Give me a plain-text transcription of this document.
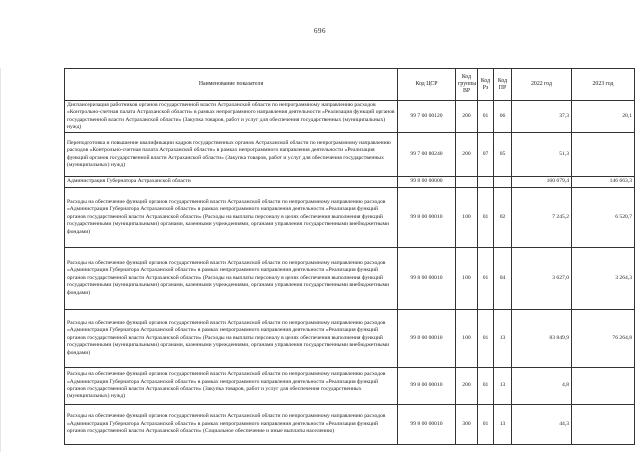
696
Наименование показателя	Код ЦСР	Код группы ВР	Код Рз	Код ПР	2022 год	2023 год
Диспансеризация работников органов государственной власти Астраханской области по непрограммному направлению расходов «Контрольно-счетная палата Астраханской области» в рамках непрограммного направления деятельности «Реализация функций органов государственной власти Астраханской области» (Закупка товаров, работ и услуг для обеспечения государственных (муниципальных) нужд)	99 7 00 00120	200	01	06	37,3	20,1
Переподготовка и повышение квалификации кадров государственных органов Астраханской области по непрограммному направлению расходов «Контрольно-счетная палата Астраханской области» в рамках непрограммного направления деятельности «Реализация функций органов государственной власти Астраханской области» (Закупка товаров, работ и услуг для обеспечения государственных (муниципальных) нужд)	99 7 00 80240	200	07	05	51,3	
Администрация Губернатора Астраханской области	99 8 00 00000				160 679,4	146 663,3
Расходы на обеспечение функций органов государственной власти Астраханской области по непрограммному направлению расходов «Администрация Губернатора Астраханской области» в рамках непрограммного направления деятельности «Реализация функций органов государственной власти Астраханской области» (Расходы на выплаты персоналу в целях обеспечения выполнения функций государственными (муниципальными) органами, казенными учреждениями, органами управления государственными внебюджетными фондами)	99 8 00 00010	100	01	02	7 245,2	6 520,7
Расходы на обеспечение функций органов государственной власти Астраханской области по непрограммному направлению расходов «Администрация Губернатора Астраханской области» в рамках непрограммного направления деятельности «Реализация функций органов государственной власти Астраханской области» (Расходы на выплаты персоналу в целях обеспечения выполнения функций государственными (муниципальными) органами, казенными учреждениями, органами управления государственными внебюджетными фондами)	99 8 00 00010	100	01	04	3 627,0	3 264,3
Расходы на обеспечение функций органов государственной власти Астраханской области по непрограммному направлению расходов «Администрация Губернатора Астраханской области» в рамках непрограммного направления деятельности «Реализация функций органов государственной власти Астраханской области» (Расходы на выплаты персоналу в целях обеспечения выполнения функций государственными (муниципальными) органами, казенными учреждениями, органами управления государственными внебюджетными фондами)	99 8 00 00010	100	01	13	83 849,9	76 264,8
Расходы на обеспечение функций органов государственной власти Астраханской области по непрограммному направлению расходов «Администрация Губернатора Астраханской области» в рамках непрограммного направления деятельности «Реализация функций органов государственной власти Астраханской области» (Закупка товаров, работ и услуг для обеспечения государственных (муниципальных) нужд)	99 8 00 00010	200	01	13	4,8	
Расходы на обеспечение функций органов государственной власти Астраханской области по непрограммному направлению расходов «Администрация Губернатора Астраханской области» в рамках непрограммного направления деятельности «Реализация функций органов государственной власти Астраханской области» (Социальное обеспечение и иные выплаты населению)	99 8 00 00010	300	01	13	44,3	
